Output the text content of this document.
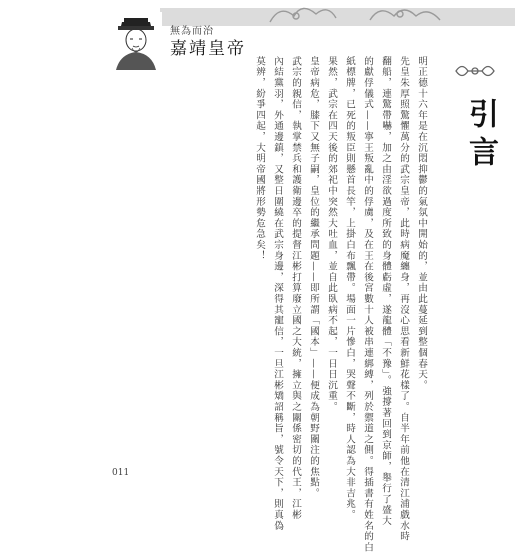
無為而治
嘉靖皇帝
引言
明正德十六年是在沉悶抑鬱的氣氛中開始的，並由此蔓延到整個春天。
先皇朱厚照驚懼萬分的武宗皇帝，此時病魔纏身，再沒心思看新鮮花樣了。自半年前他在清江浦戲水時
翻船，連驚帶嚇，加之由淫欲過度所致的身體虧虛，遂龍體「不豫」。強撐著回到京師，舉行了盛大
的獻俘儀式——寧王叛亂中的俘虜，及在王在後宮數十人被串連綁縛，列於禦道之側。得插書有姓名的白
紙標牌，已死的叛臣則懸首長竿，上掛白布飄帶。場面一片慘白，哭聲不斷，時人認為大非吉兆。
果然，武宗在四天後的郊祀中突然大吐血，並自此臥病不起，一日日沉重。
皇帝病危，膝下又無子嗣，皇位的繼承問題——即所謂「國本」——便成為朝野關注的焦點。
武宗的親信，執掌禁兵和護衛邊卒的提督江彬打算廢立國之大統，擁立與之關係密切的代王，江彬
內結黨羽，外通邊鎮，又整日圍繞在武宗身邊，深得其寵信，一旦江彬矯詔稱旨，號令天下，則真偽
莫辨，紛爭四起，大明帝國將形勢危急矣！
011
